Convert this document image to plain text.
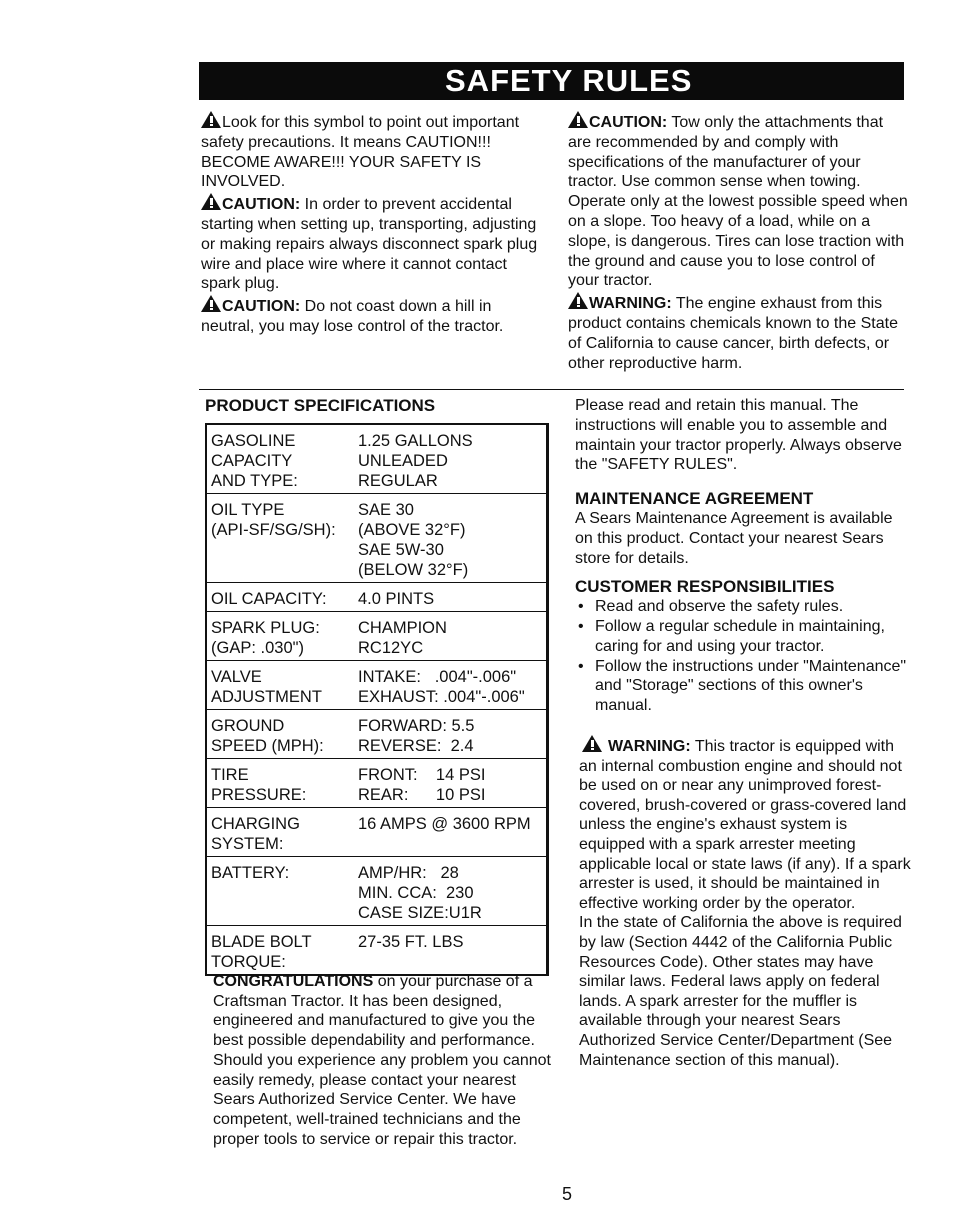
SAFETY RULES

Look for this symbol to point out important safety precautions. It means CAUTION!!! BECOME AWARE!!! YOUR SAFETY IS INVOLVED.

CAUTION: In order to prevent accidental starting when setting up, transporting, adjusting or making repairs always disconnect spark plug wire and place wire where it cannot contact spark plug.

CAUTION: Do not coast down a hill in neutral, you may lose control of the tractor.

CAUTION: Tow only the attachments that are recommended by and comply with specifications of the manufacturer of your tractor. Use common sense when towing. Operate only at the lowest possible speed when on a slope. Too heavy of a load, while on a slope, is dangerous. Tires can lose traction with the ground and cause you to lose control of your tractor.

WARNING: The engine exhaust from this product contains chemicals known to the State of California to cause cancer, birth defects, or other reproductive harm.

PRODUCT SPECIFICATIONS
GASOLINE
CAPACITY
AND TYPE:
1.25 GALLONS
UNLEADED
REGULAR
OIL TYPE
(API-SF/SG/SH):
SAE 30
(ABOVE 32°F)
SAE 5W-30
(BELOW 32°F)
OIL CAPACITY: 4.0 PINTS
SPARK PLUG:
(GAP: .030")
CHAMPION
RC12YC
VALVE
ADJUSTMENT
INTAKE:   .004"-.006"
EXHAUST: .004"-.006"
GROUND
SPEED (MPH):
FORWARD: 5.5
REVERSE:  2.4
TIRE
PRESSURE:
FRONT:    14 PSI
REAR:      10 PSI
CHARGING
SYSTEM:
16 AMPS @ 3600 RPM

BATTERY:	AMP/HR:   28
MIN. CCA:  230
CASE SIZE:U1R
BLADE BOLT
TORQUE:
27-35 FT. LBS

CONGRATULATIONS on your purchase of a Craftsman Tractor. It has been designed, engineered and manufactured to give you the best possible dependability and performance.

Should you experience any problem you cannot easily remedy, please contact your nearest Sears Authorized Service Center. We have competent, well-trained technicians and the proper tools to service or repair this tractor.

Please read and retain this manual. The instructions will enable you to assemble and maintain your tractor properly. Always observe the "SAFETY RULES".

MAINTENANCE AGREEMENT

A Sears Maintenance Agreement is available on this product. Contact your nearest Sears store for details.

CUSTOMER RESPONSIBILITIES

• Read and observe the safety rules.
• Follow a regular schedule in maintaining, caring for and using your tractor.
• Follow the instructions under "Maintenance" and "Storage" sections of this owner's manual.

WARNING: This tractor is equipped with an internal combustion engine and should not be used on or near any unimproved forest-covered, brush-covered or grass-covered land unless the engine's exhaust system is equipped with a spark arrester meeting applicable local or state laws (if any). If a spark arrester is used, it should be maintained in effective working order by the operator.

In the state of California the above is required by law (Section 4442 of the California Public Resources Code). Other states may have similar laws. Federal laws apply on federal lands. A spark arrester for the muffler is available through your nearest Sears Authorized Service Center/Department (See Maintenance section of this manual).

5
